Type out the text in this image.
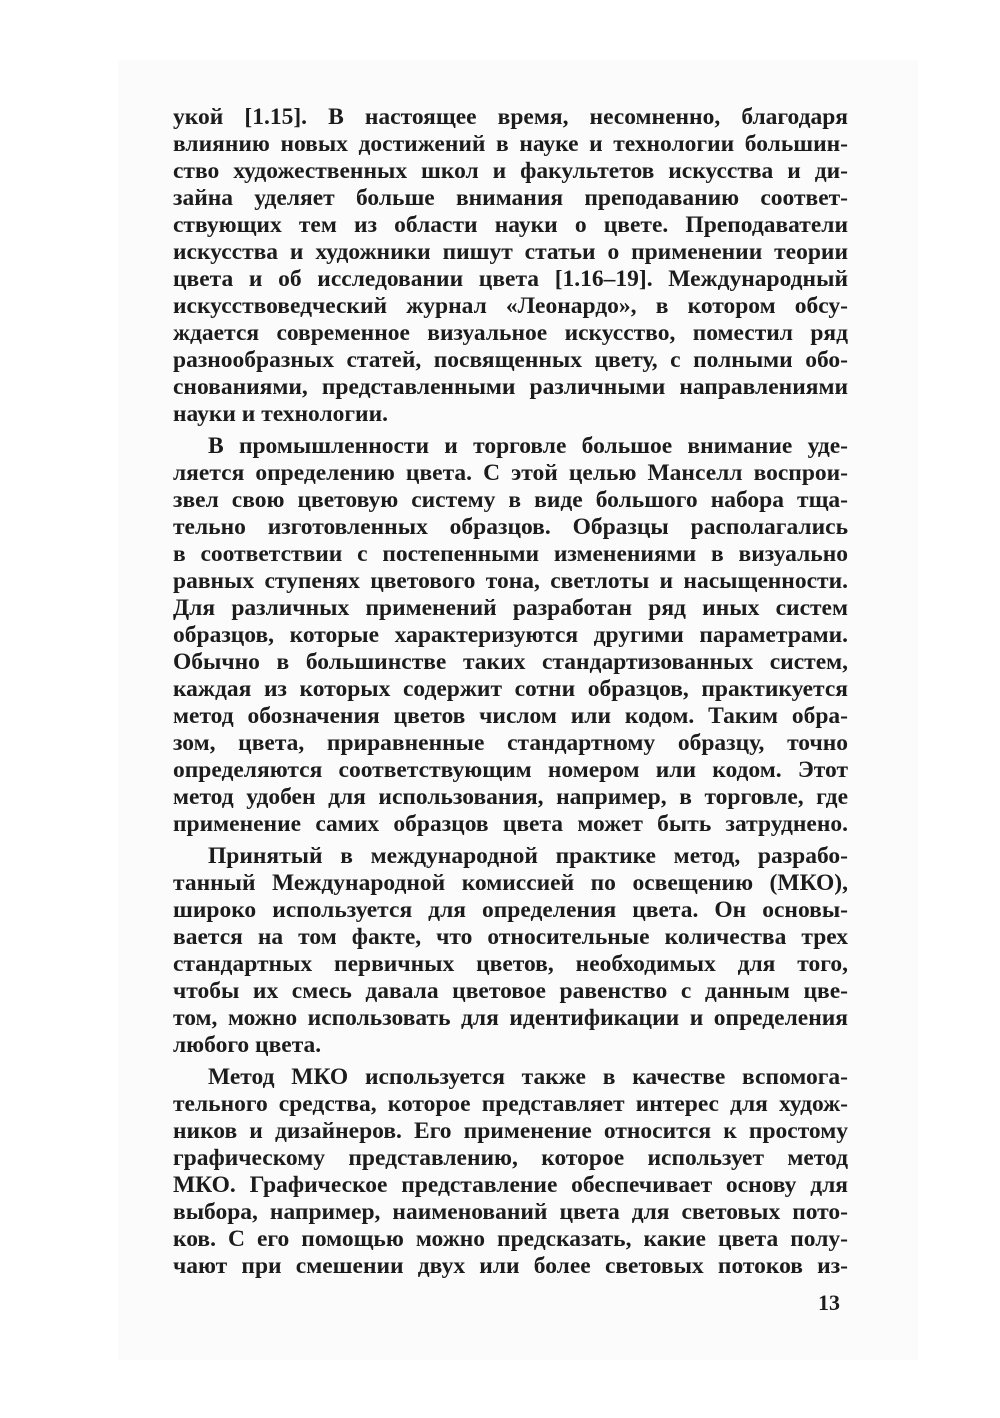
укой [1.15]. В настоящее время, несомненно, благодаря
влиянию новых достижений в науке и технологии большин-
ство художественных школ и факультетов искусства и ди-
зайна уделяет больше внимания преподаванию соответ-
ствующих тем из области науки о цвете. Преподаватели
искусства и художники пишут статьи о применении теории
цвета и об исследовании цвета [1.16–19]. Международный
искусствоведческий журнал «Леонардо», в котором обсу-
ждается современное визуальное искусство, поместил ряд
разнообразных статей, посвященных цвету, с полными обо-
снованиями, представленными различными направлениями
науки и технологии.
В промышленности и торговле большое внимание уде-
ляется определению цвета. С этой целью Манселл воспрои-
звел свою цветовую систему в виде большого набора тща-
тельно изготовленных образцов. Образцы располагались
в соответствии с постепенными изменениями в визуально
равных ступенях цветового тона, светлоты и насыщенности.
Для различных применений разработан ряд иных систем
образцов, которые характеризуются другими параметрами.
Обычно в большинстве таких стандартизованных систем,
каждая из которых содержит сотни образцов, практикуется
метод обозначения цветов числом или кодом. Таким обра-
зом, цвета, приравненные стандартному образцу, точно
определяются соответствующим номером или кодом. Этот
метод удобен для использования, например, в торговле, где
применение самих образцов цвета может быть затруднено.
Принятый в международной практике метод, разрабо-
танный Международной комиссией по освещению (МКО),
широко используется для определения цвета. Он основы-
вается на том факте, что относительные количества трех
стандартных первичных цветов, необходимых для того,
чтобы их смесь давала цветовое равенство с данным цве-
том, можно использовать для идентификации и определения
любого цвета.
Метод МКО используется также в качестве вспомога-
тельного средства, которое представляет интерес для худож-
ников и дизайнеров. Его применение относится к простому
графическому представлению, которое использует метод
МКО. Графическое представление обеспечивает основу для
выбора, например, наименований цвета для световых пото-
ков. С его помощью можно предсказать, какие цвета полу-
чают при смешении двух или более световых потоков из-
13
